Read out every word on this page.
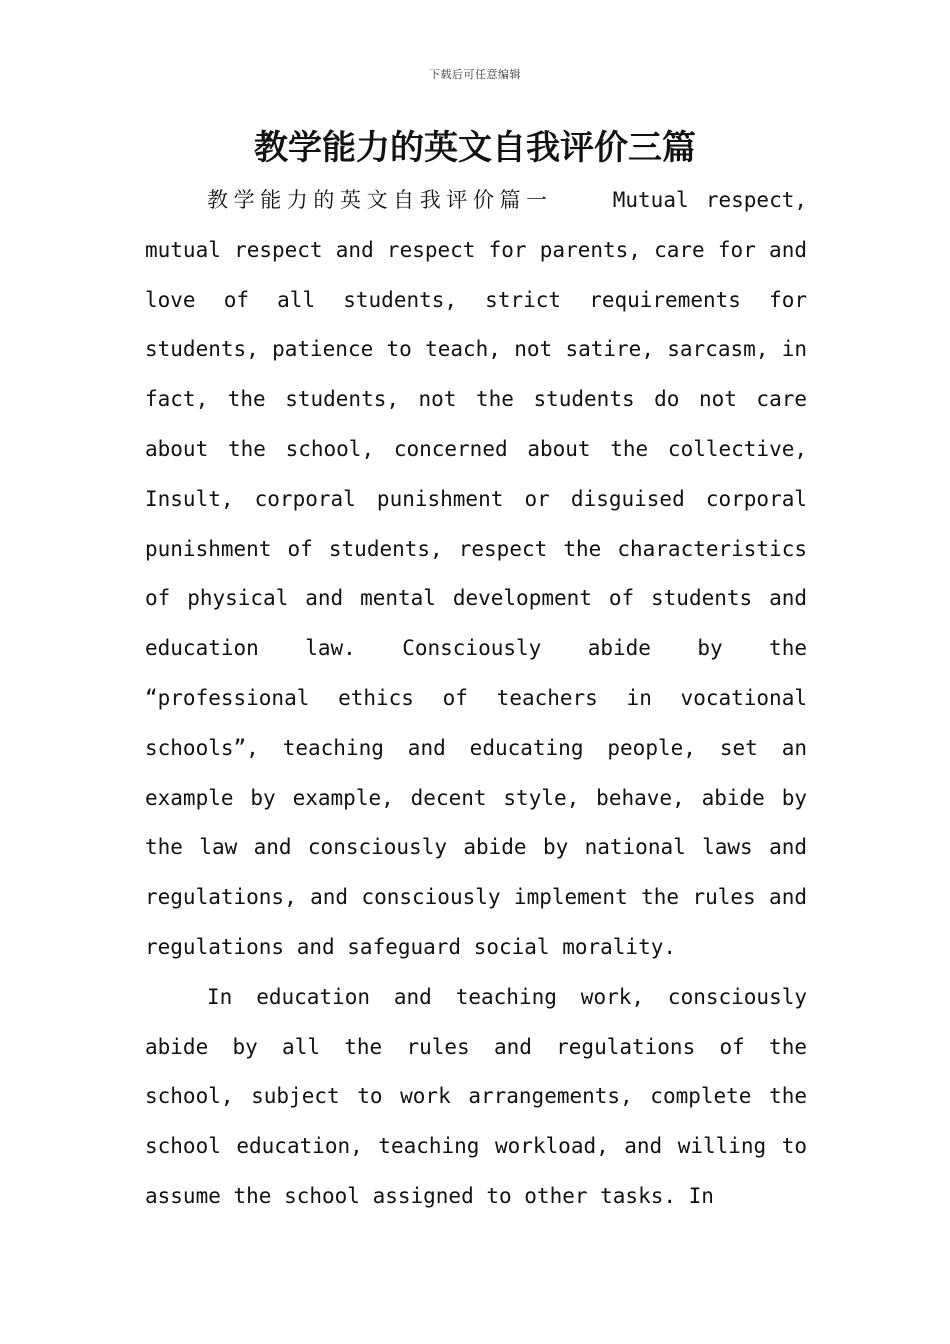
下载后可任意编辑
教学能力的英文自我评价三篇

教学能力的英文自我评价篇一	Mutual respect, mutual respect and respect for parents, care for and love of all students, strict requirements for students, patience to teach, not satire, sarcasm, in fact, the students, not the students do not care about the school, concerned about the collective, Insult, corporal punishment or disguised corporal punishment of students, respect the characteristics of physical and mental development of students and education law. Consciously abide by the “professional ethics of teachers in vocational schools”, teaching and educating people, set an example by example, decent style, behave, abide by the law and consciously abide by national laws and regulations, and consciously implement the rules and regulations and safeguard social morality.

In education and teaching work, consciously abide by all the rules and regulations of the school, subject to work arrangements, complete the school education, teaching workload, and willing to assume the school assigned to other tasks. In
